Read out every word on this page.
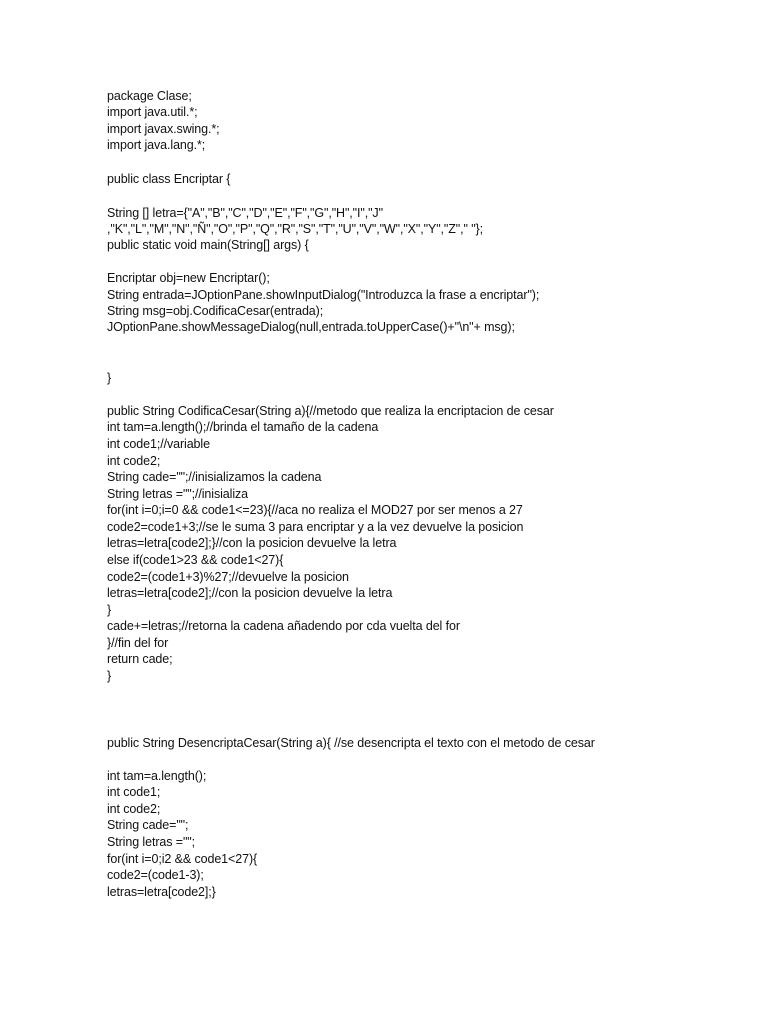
package Clase;
import java.util.*;
import javax.swing.*;
import java.lang.*;
public class Encriptar {
String [] letra={"A","B","C","D","E","F","G","H","I","J"
,"K","L","M","N","Ñ","O","P","Q","R","S","T","U","V","W","X","Y","Z"," "};
public static void main(String[] args) {
Encriptar obj=new Encriptar();
String entrada=JOptionPane.showInputDialog("Introduzca la frase a encriptar");
String msg=obj.CodificaCesar(entrada);
JOptionPane.showMessageDialog(null,entrada.toUpperCase()+"\n"+ msg);
}
public String CodificaCesar(String a){//metodo que realiza la encriptacion de cesar
int tam=a.length();//brinda el tamaño de la cadena
int code1;//variable
int code2;
String cade="";//inisializamos la cadena
String letras ="";//inisializa
for(int i=0;i=0 && code1<=23){//aca no realiza el MOD27 por ser menos a 27
code2=code1+3;//se le suma 3 para encriptar y a la vez devuelve la posicion
letras=letra[code2];}//con la posicion devuelve la letra
else if(code1>23 && code1<27){
code2=(code1+3)%27;//devuelve la posicion
letras=letra[code2];//con la posicion devuelve la letra
}
cade+=letras;//retorna la cadena añadendo por cda vuelta del for
}//fin del for
return cade;
}
public String DesencriptaCesar(String a){ //se desencripta el texto con el metodo de cesar
int tam=a.length();
int code1;
int code2;
String cade="";
String letras ="";
for(int i=0;i2 && code1<27){
code2=(code1-3);
letras=letra[code2];}
